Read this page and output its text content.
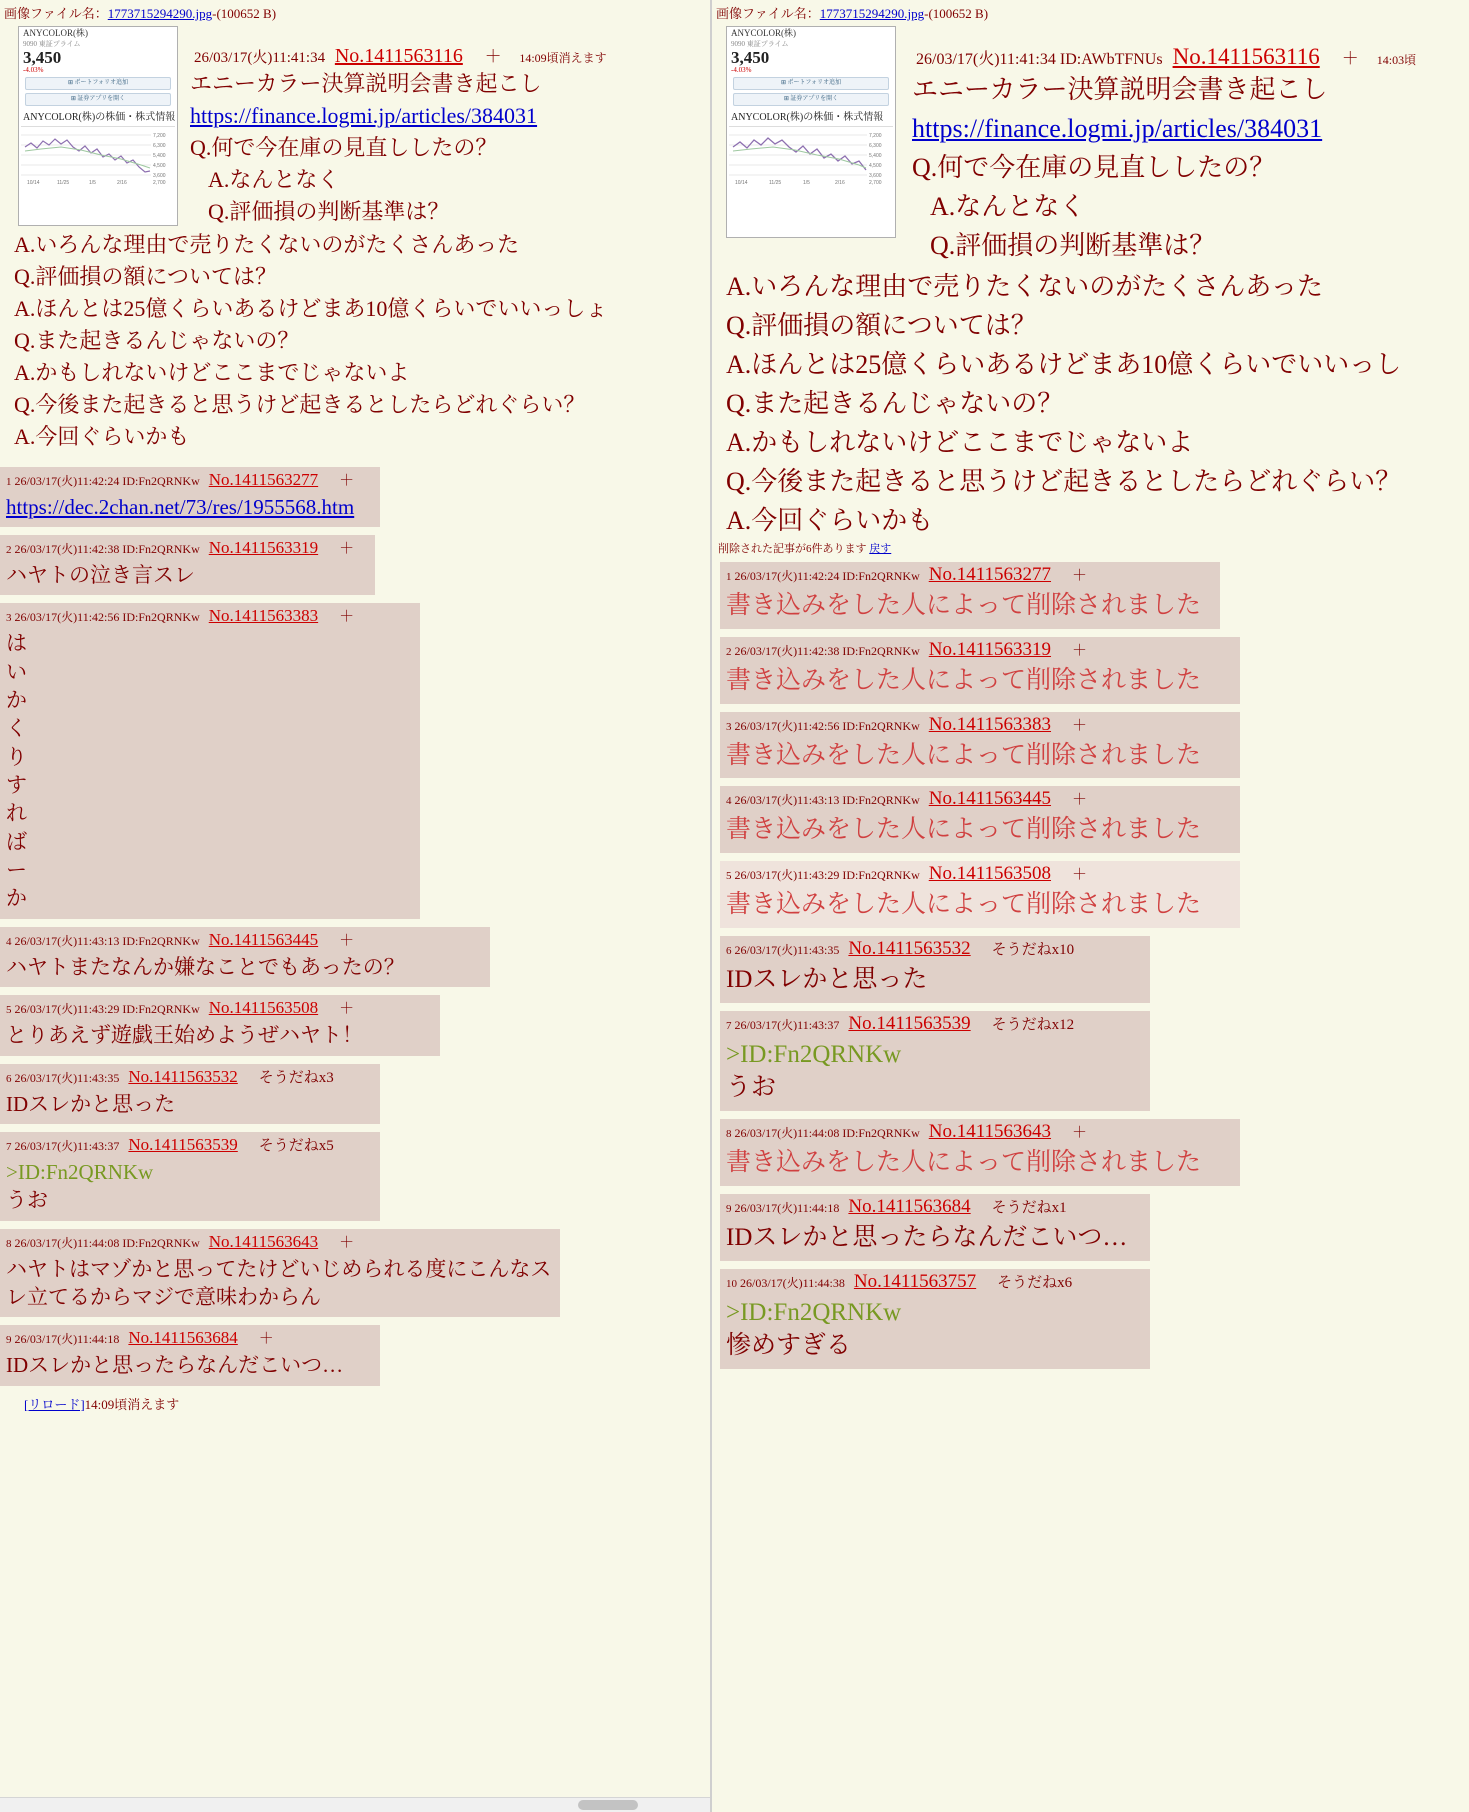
画像ファイル名：1773715294290.jpg-(100652 B)
ANYCOLOR(株)
9090 東証プライム
3,450
-4.03%
⊞ ポートフォリオ追加
⊞ 証券アプリを開く
ANYCOLOR(株)の株価・株式情報
7,200
6,300
5,400
4,500
3,600
2,700
10/14	11/25	1/5	2/16
26/03/17(火)11:41:34 No.1411563116 ＋ 14:09頃消えます
エニーカラー決算説明会書き起こし
https://finance.logmi.jp/articles/384031
Q.何で今在庫の見直ししたの？
A.なんとなく
Q.評価損の判断基準は？
A.いろんな理由で売りたくないのがたくさんあった
Q.評価損の額については？
A.ほんとは25億くらいあるけどまあ10億くらいでいいっしょ
Q.また起きるんじゃないの？
A.かもしれないけどここまでじゃないよ
Q.今後また起きると思うけど起きるとしたらどれぐらい？
A.今回ぐらいかも
1 26/03/17(火)11:42:24 ID:Fn2QRNKw No.1411563277 ＋
https://dec.2chan.net/73/res/1955568.htm
2 26/03/17(火)11:42:38 ID:Fn2QRNKw No.1411563319 ＋
ハヤトの泣き言スレ
3 26/03/17(火)11:42:56 ID:Fn2QRNKw No.1411563383 ＋
は
い
か
く
り
す
れ
ば
ー
か
4 26/03/17(火)11:43:13 ID:Fn2QRNKw No.1411563445 ＋
ハヤトまたなんか嫌なことでもあったの？
5 26/03/17(火)11:43:29 ID:Fn2QRNKw No.1411563508 ＋
とりあえず遊戯王始めようぜハヤト！
6 26/03/17(火)11:43:35 No.1411563532 そうだねx3
IDスレかと思った
7 26/03/17(火)11:43:37 No.1411563539 そうだねx5
>ID:Fn2QRNKw
うお
8 26/03/17(火)11:44:08 ID:Fn2QRNKw No.1411563643 ＋
ハヤトはマゾかと思ってたけどいじめられる度にこんなスレ立てるからマジで意味わからん
9 26/03/17(火)11:44:18 No.1411563684 ＋
IDスレかと思ったらなんだこいつ…
[リロード]14:09頃消えます
画像ファイル名：1773715294290.jpg-(100652 B)
ANYCOLOR(株)
9090 東証プライム
3,450
-4.03%
⊞ ポートフォリオ追加
⊞ 証券アプリを開く
ANYCOLOR(株)の株価・株式情報
7,200
6,300
5,400
4,500
3,600
2,700
10/14	11/25	1/5	2/16
26/03/17(火)11:41:34 ID:AWbTFNUs No.1411563116 ＋ 14:03頃
エニーカラー決算説明会書き起こし
https://finance.logmi.jp/articles/384031
Q.何で今在庫の見直ししたの？
A.なんとなく
Q.評価損の判断基準は？
A.いろんな理由で売りたくないのがたくさんあった
Q.評価損の額については？
A.ほんとは25億くらいあるけどまあ10億くらいでいいっし
Q.また起きるんじゃないの？
A.かもしれないけどここまでじゃないよ
Q.今後また起きると思うけど起きるとしたらどれぐらい？
A.今回ぐらいかも
削除された記事が6件あります 戻す
1 26/03/17(火)11:42:24 ID:Fn2QRNKw No.1411563277 ＋
書き込みをした人によって削除されました
2 26/03/17(火)11:42:38 ID:Fn2QRNKw No.1411563319 ＋
書き込みをした人によって削除されました
3 26/03/17(火)11:42:56 ID:Fn2QRNKw No.1411563383 ＋
書き込みをした人によって削除されました
4 26/03/17(火)11:43:13 ID:Fn2QRNKw No.1411563445 ＋
書き込みをした人によって削除されました
5 26/03/17(火)11:43:29 ID:Fn2QRNKw No.1411563508 ＋
書き込みをした人によって削除されました
6 26/03/17(火)11:43:35 No.1411563532 そうだねx10
IDスレかと思った
7 26/03/17(火)11:43:37 No.1411563539 そうだねx12
>ID:Fn2QRNKw
うお
8 26/03/17(火)11:44:08 ID:Fn2QRNKw No.1411563643 ＋
書き込みをした人によって削除されました
9 26/03/17(火)11:44:18 No.1411563684 そうだねx1
IDスレかと思ったらなんだこいつ…
10 26/03/17(火)11:44:38 No.1411563757 そうだねx6
>ID:Fn2QRNKw
惨めすぎる
